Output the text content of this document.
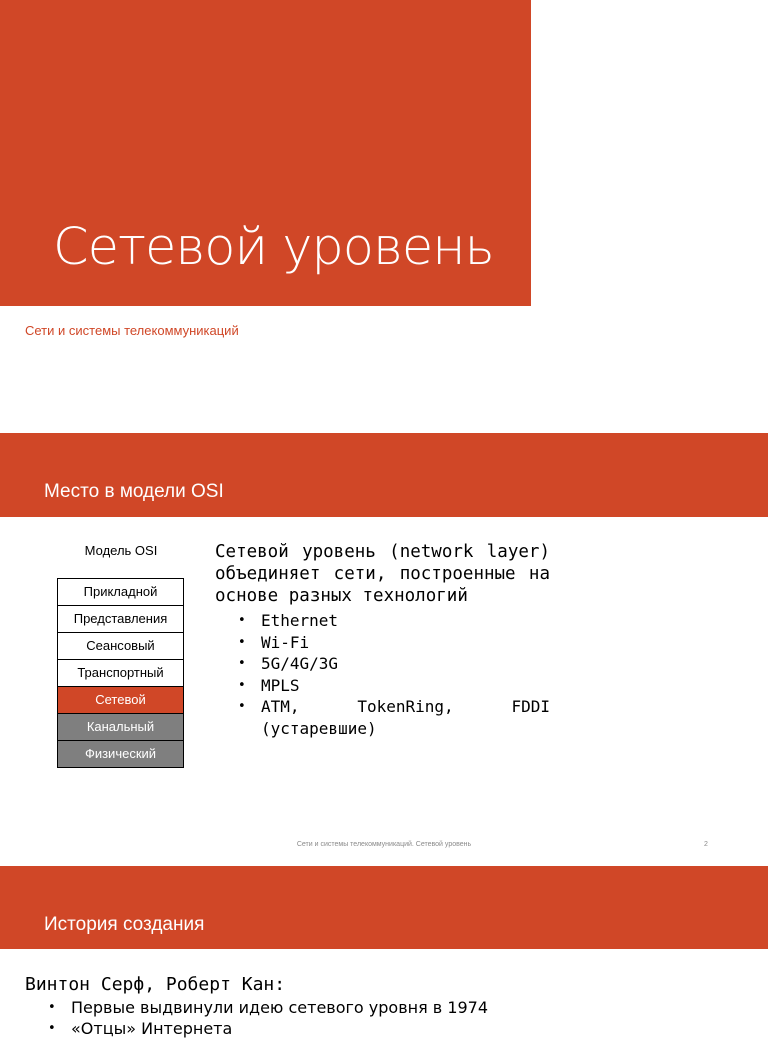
Сетевой уровень
Сети и системы телекоммуникаций
Место в модели OSI
Модель OSI
Прикладной
Представления
Сеансовый
Транспортный
Сетевой
Канальный
Физический
Сетевой уровень (network layer) объединяет сети, построенные на основе разных технологий
• Ethernet
• Wi-Fi
• 5G/4G/3G
• MPLS
• ATM,	TokenRing,	FDDI
(устаревшие)
Сети и системы телекоммуникаций. Сетевой уровень	2
История создания
Винтон Серф, Роберт Кан:
• Первые выдвинули идею сетевого уровня в 1974
• «Отцы» Интернета
